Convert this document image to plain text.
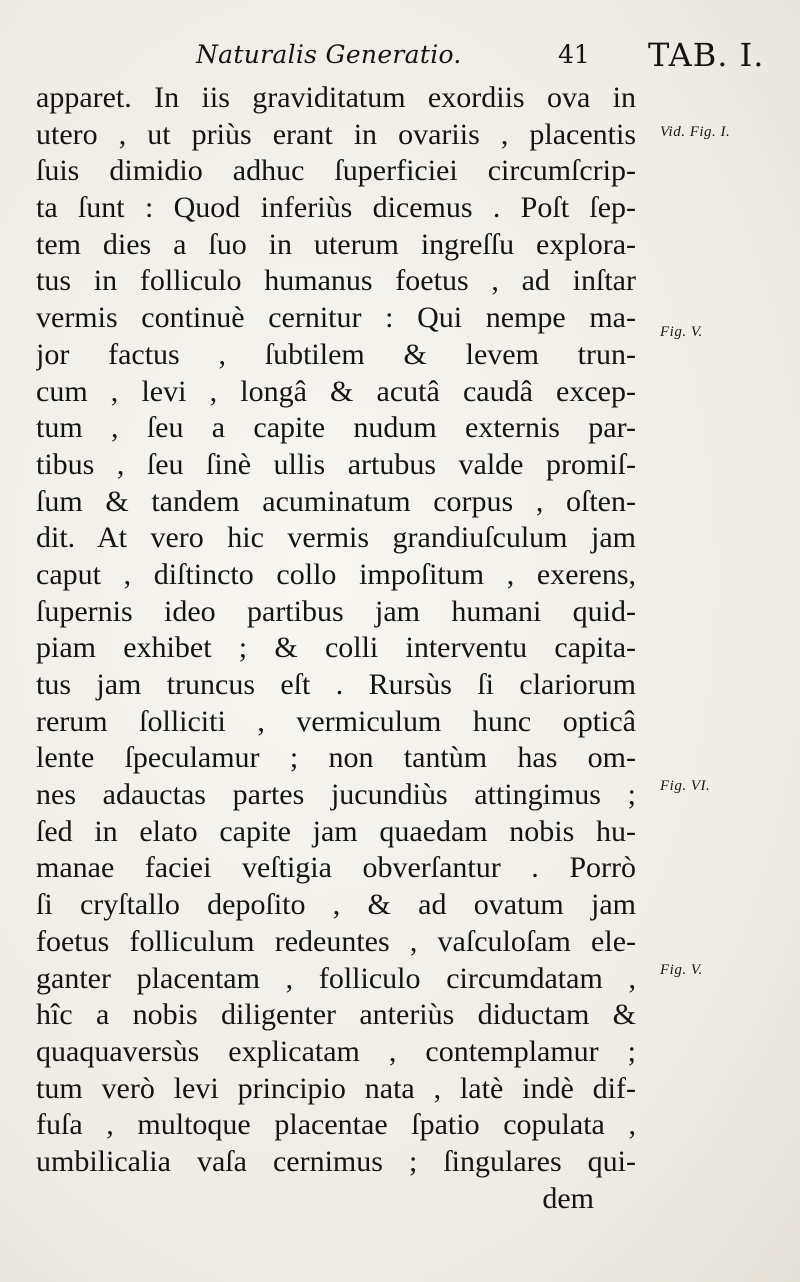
Naturalis Generatio.	41 TAB. I.
apparet. In iis graviditatum exordiis ova in
utero , ut priùs erant in ovariis , placentis
ſuis dimidio adhuc ſuperficiei circumſcrip-
ta ſunt : Quod inferiùs dicemus . Poſt ſep-
tem dies a ſuo in uterum ingreſſu explora-
tus in folliculo humanus foetus , ad inſtar
vermis continuè cernitur : Qui nempe ma-
jor factus , ſubtilem & levem trun-
cum , levi , longâ & acutâ caudâ excep-
tum , ſeu a capite nudum externis par-
tibus , ſeu ſinè ullis artubus valde promiſ-
ſum & tandem acuminatum corpus , oſten-
dit. At vero hic vermis grandiuſculum jam
caput , diſtincto collo impoſitum , exerens,
ſupernis ideo partibus jam humani quid-
piam exhibet ; & colli interventu capita-
tus jam truncus eſt . Rursùs ſi clariorum
rerum ſolliciti , vermiculum hunc opticâ
lente ſpeculamur ; non tantùm has om-
nes adauctas partes jucundiùs attingimus ;
ſed in elato capite jam quaedam nobis hu-
manae faciei veſtigia obverſantur . Porrò
ſi cryſtallo depoſito , & ad ovatum jam
foetus folliculum redeuntes , vaſculoſam ele-
ganter placentam , folliculo circumdatam ,
hîc a nobis diligenter anteriùs diductam &
quaquaversùs explicatam , contemplamur ;
tum verò levi principio nata , latè indè dif-
fuſa , multoque placentae ſpatio copulata ,
umbilicalia vaſa cernimus ; ſingulares qui-
dem
Vid. Fig. I.
Fig. V.
Fig. VI.
Fig. V.
